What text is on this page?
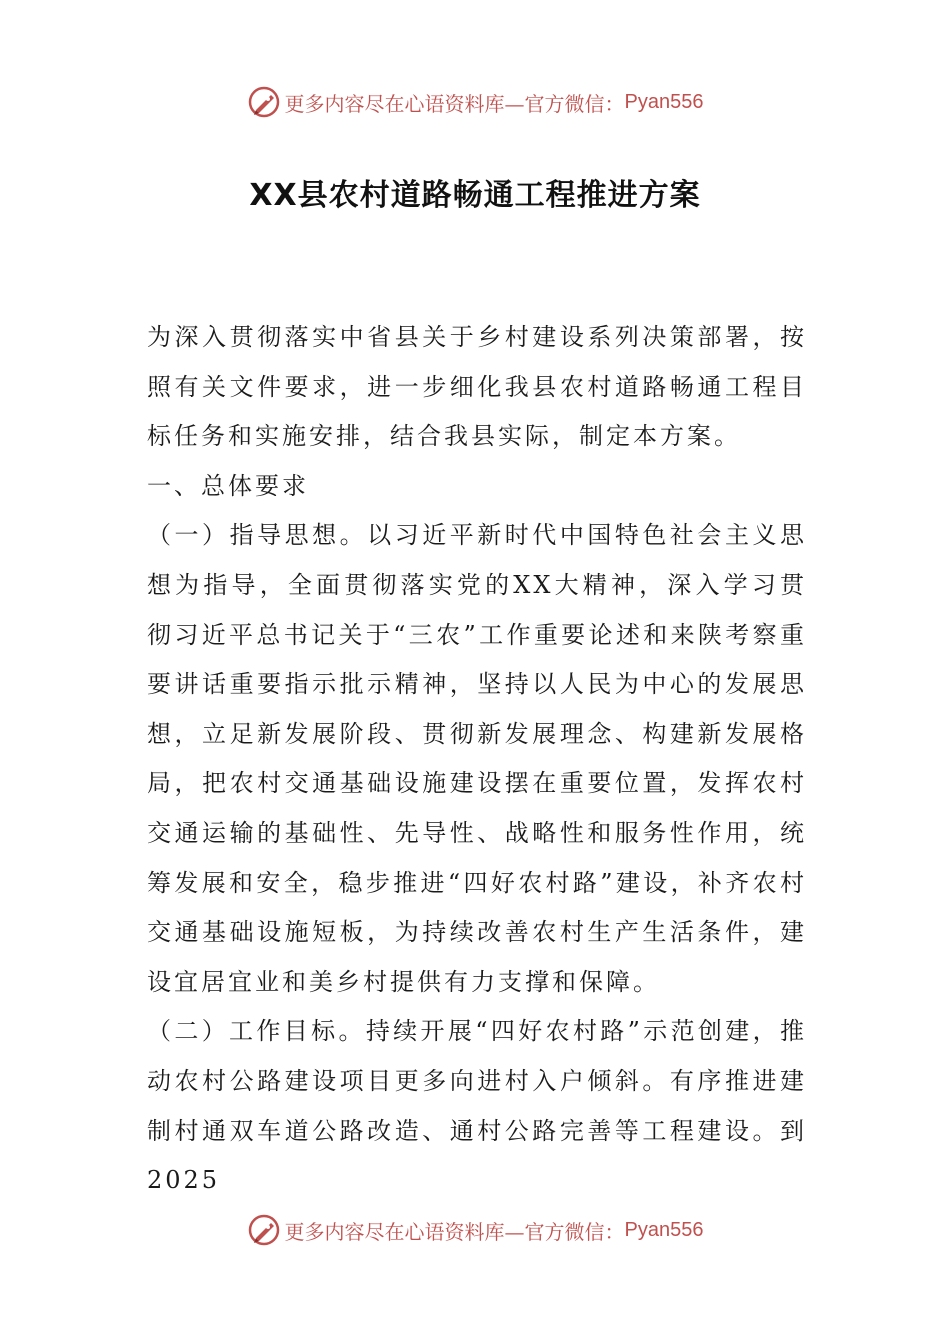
更多内容尽在心语资料库—官方微信： Pyan556
XX县农村道路畅通工程推进方案

为深入贯彻落实中省县关于乡村建设系列决策部署，按照有关文件要求，进一步细化我县农村道路畅通工程目标任务和实施安排，结合我县实际，制定本方案。

一、总体要求

（一）指导思想。以习近平新时代中国特色社会主义思想为指导，全面贯彻落实党的XX大精神，深入学习贯彻习近平总书记关于“三农”工作重要论述和来陕考察重要讲话重要指示批示精神，坚持以人民为中心的发展思想，立足新发展阶段、贯彻新发展理念、构建新发展格局，把农村交通基础设施建设摆在重要位置，发挥农村交通运输的基础性、先导性、战略性和服务性作用，统筹发展和安全，稳步推进“四好农村路”建设，补齐农村交通基础设施短板，为持续改善农村生产生活条件，建设宜居宜业和美乡村提供有力支撑和保障。

（二）工作目标。持续开展“四好农村路”示范创建，推动农村公路建设项目更多向进村入户倾斜。有序推进建制村通双车道公路改造、通村公路完善等工程建设。到2025

更多内容尽在心语资料库—官方微信： Pyan556
